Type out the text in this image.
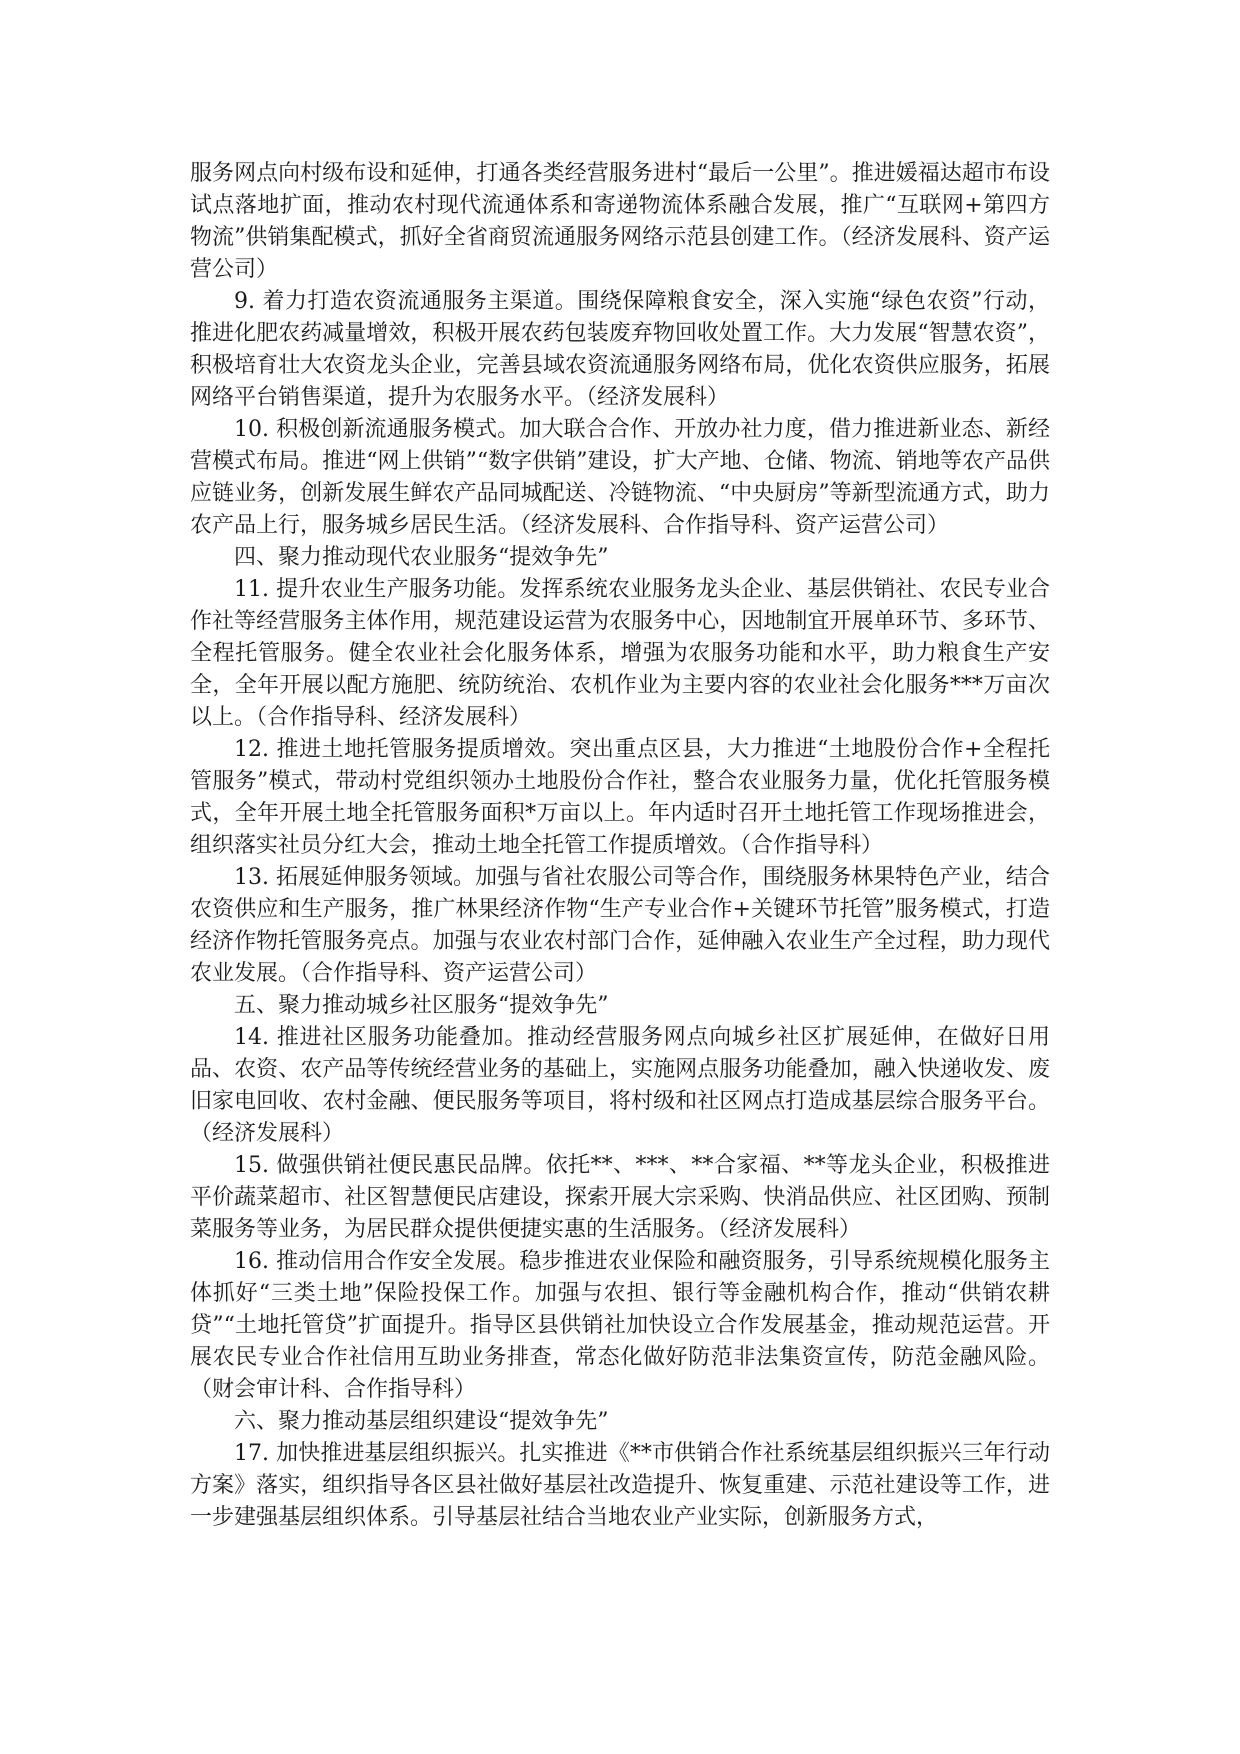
服务网点向村级布设和延伸，打通各类经营服务进村“最后一公里”。推进媛福达超市布设试点落地扩面，推动农村现代流通体系和寄递物流体系融合发展，推广“互联网+第四方物流”供销集配模式，抓好全省商贸流通服务网络示范县创建工作。（经济发展科、资产运营公司）

9. 着力打造农资流通服务主渠道。围绕保障粮食安全，深入实施“绿色农资”行动，推进化肥农药减量增效，积极开展农药包装废弃物回收处置工作。大力发展“智慧农资”，积极培育壮大农资龙头企业，完善县域农资流通服务网络布局，优化农资供应服务，拓展网络平台销售渠道，提升为农服务水平。（经济发展科）

10. 积极创新流通服务模式。加大联合合作、开放办社力度，借力推进新业态、新经营模式布局。推进“网上供销”“数字供销”建设，扩大产地、仓储、物流、销地等农产品供应链业务，创新发展生鲜农产品同城配送、冷链物流、“中央厨房”等新型流通方式，助力农产品上行，服务城乡居民生活。（经济发展科、合作指导科、资产运营公司）

四、聚力推动现代农业服务“提效争先”

11. 提升农业生产服务功能。发挥系统农业服务龙头企业、基层供销社、农民专业合作社等经营服务主体作用，规范建设运营为农服务中心，因地制宜开展单环节、多环节、全程托管服务。健全农业社会化服务体系，增强为农服务功能和水平，助力粮食生产安全，全年开展以配方施肥、统防统治、农机作业为主要内容的农业社会化服务***万亩次以上。（合作指导科、经济发展科）

12. 推进土地托管服务提质增效。突出重点区县，大力推进“土地股份合作+全程托管服务”模式，带动村党组织领办土地股份合作社，整合农业服务力量，优化托管服务模式，全年开展土地全托管服务面积*万亩以上。年内适时召开土地托管工作现场推进会，组织落实社员分红大会，推动土地全托管工作提质增效。（合作指导科）

13. 拓展延伸服务领域。加强与省社农服公司等合作，围绕服务林果特色产业，结合农资供应和生产服务，推广林果经济作物“生产专业合作+关键环节托管”服务模式，打造经济作物托管服务亮点。加强与农业农村部门合作，延伸融入农业生产全过程，助力现代农业发展。（合作指导科、资产运营公司）

五、聚力推动城乡社区服务“提效争先”

14. 推进社区服务功能叠加。推动经营服务网点向城乡社区扩展延伸，在做好日用品、农资、农产品等传统经营业务的基础上，实施网点服务功能叠加，融入快递收发、废旧家电回收、农村金融、便民服务等项目，将村级和社区网点打造成基层综合服务平台。（经济发展科）

15. 做强供销社便民惠民品牌。依托**、***、**合家福、**等龙头企业，积极推进平价蔬菜超市、社区智慧便民店建设，探索开展大宗采购、快消品供应、社区团购、预制菜服务等业务，为居民群众提供便捷实惠的生活服务。（经济发展科）

16. 推动信用合作安全发展。稳步推进农业保险和融资服务，引导系统规模化服务主体抓好“三类土地”保险投保工作。加强与农担、银行等金融机构合作，推动“供销农耕贷”“土地托管贷”扩面提升。指导区县供销社加快设立合作发展基金，推动规范运营。开展农民专业合作社信用互助业务排查，常态化做好防范非法集资宣传，防范金融风险。（财会审计科、合作指导科）

六、聚力推动基层组织建设“提效争先”

17. 加快推进基层组织振兴。扎实推进《**市供销合作社系统基层组织振兴三年行动方案》落实，组织指导各区县社做好基层社改造提升、恢复重建、示范社建设等工作，进一步建强基层组织体系。引导基层社结合当地农业产业实际，创新服务方式，
